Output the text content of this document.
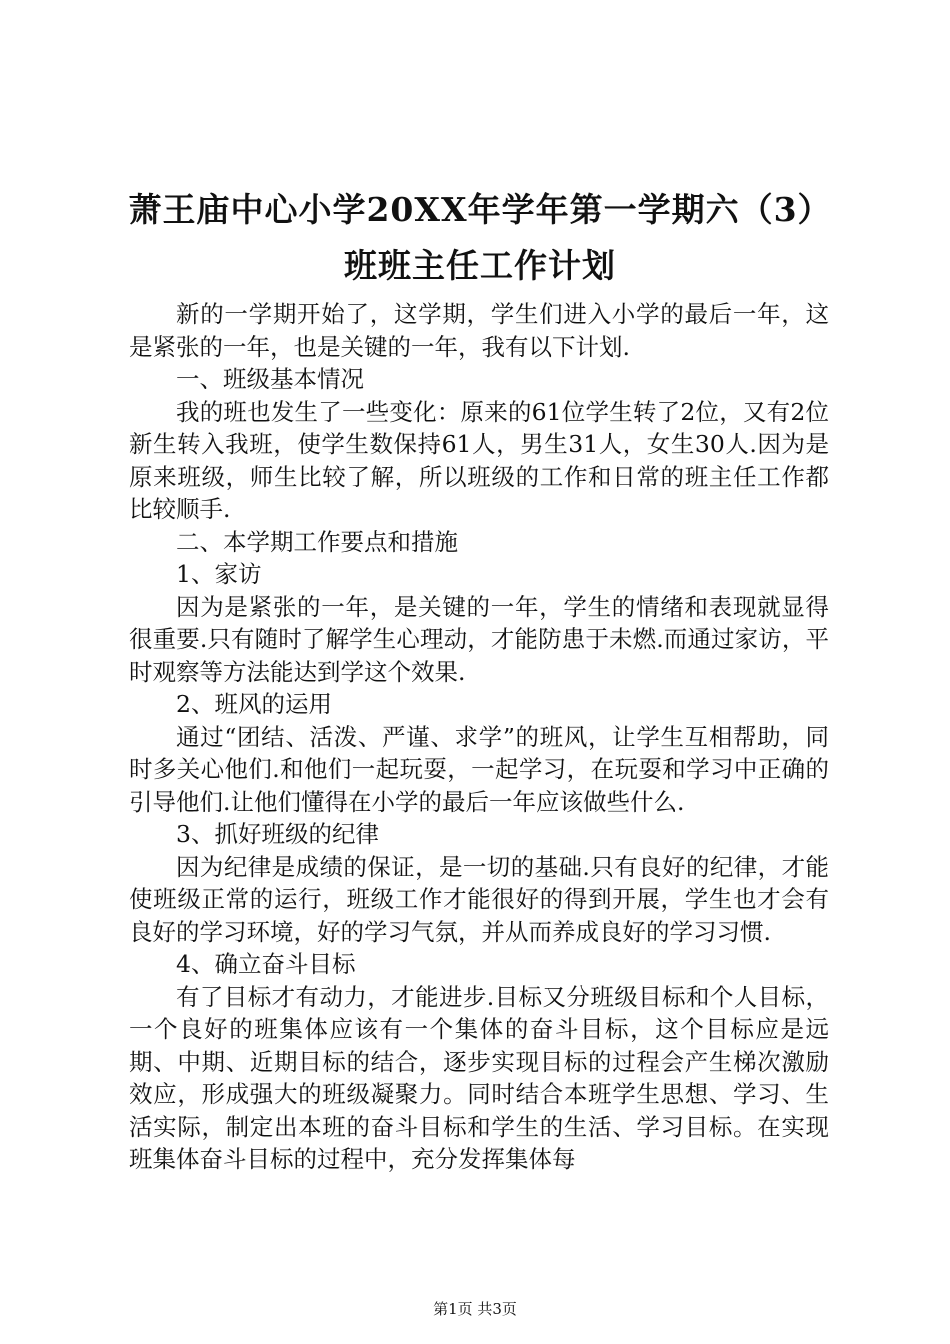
萧王庙中心小学20XX年学年第一学期六（3）
班班主任工作计划

新的一学期开始了，这学期，学生们进入小学的最后一年，这是紧张的一年，也是关键的一年，我有以下计划.

一、班级基本情况

我的班也发生了一些变化：原来的61位学生转了2位，又有2位新生转入我班，使学生数保持61人，男生31人，女生30人.因为是原来班级，师生比较了解，所以班级的工作和日常的班主任工作都比较顺手.

二、本学期工作要点和措施

1、家访

因为是紧张的一年，是关键的一年，学生的情绪和表现就显得很重要.只有随时了解学生心理动，才能防患于未燃.而通过家访，平时观察等方法能达到学这个效果.

2、班风的运用

通过“团结、活泼、严谨、求学”的班风，让学生互相帮助，同时多关心他们.和他们一起玩耍，一起学习，在玩耍和学习中正确的引导他们.让他们懂得在小学的最后一年应该做些什么.

3、抓好班级的纪律

因为纪律是成绩的保证，是一切的基础.只有良好的纪律，才能使班级正常的运行，班级工作才能很好的得到开展，学生也才会有良好的学习环境，好的学习气氛，并从而养成良好的学习习惯.

4、确立奋斗目标

有了目标才有动力，才能进步.目标又分班级目标和个人目标，一个良好的班集体应该有一个集体的奋斗目标，这个目标应是远期、中期、近期目标的结合，逐步实现目标的过程会产生梯次激励效应，形成强大的班级凝聚力。同时结合本班学生思想、学习、生活实际，制定出本班的奋斗目标和学生的生活、学习目标。在实现班集体奋斗目标的过程中，充分发挥集体每

第1页 共3页
